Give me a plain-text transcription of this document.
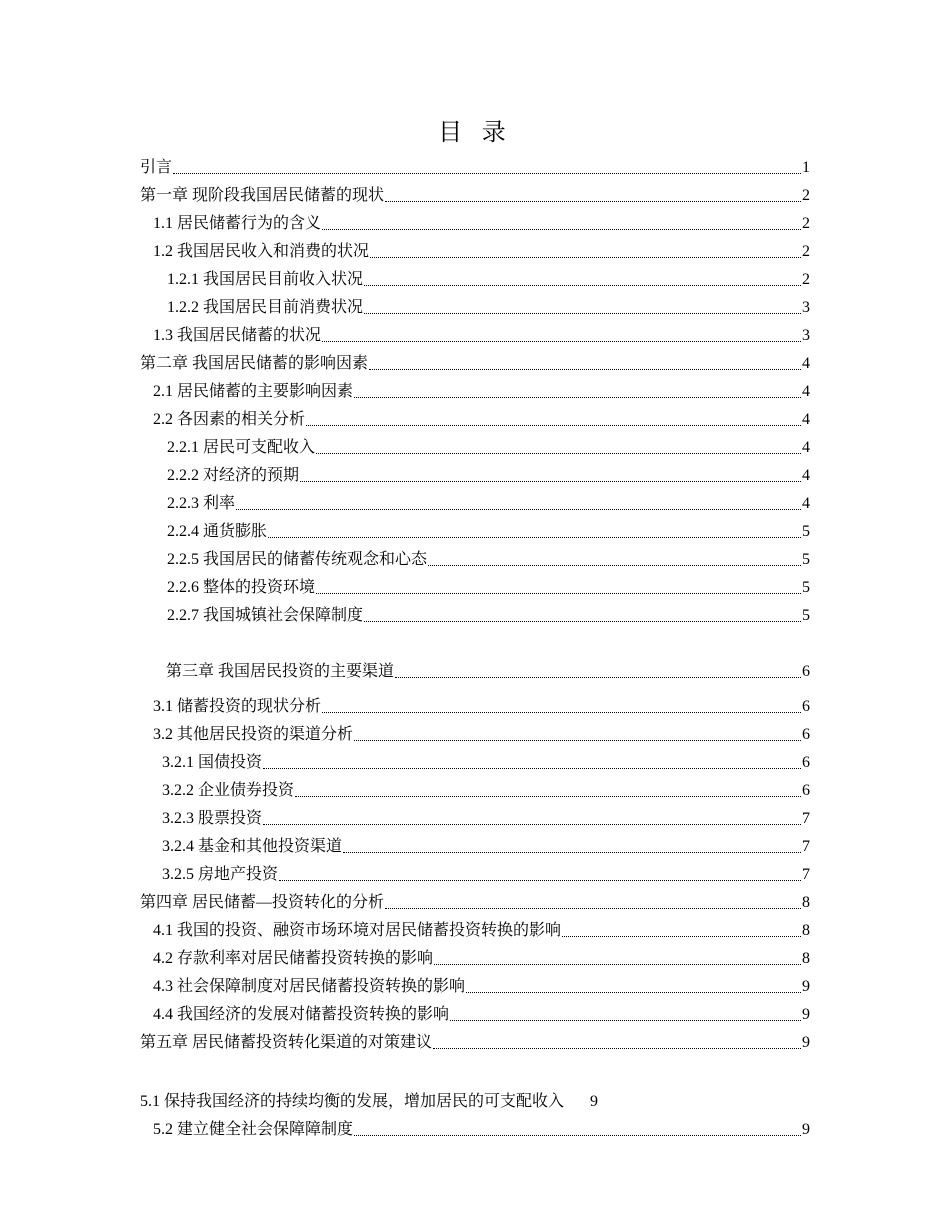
目 录
引言	1
第一章 现阶段我国居民储蓄的现状	2
1.1 居民储蓄行为的含义	2
1.2 我国居民收入和消费的状况	2
1.2.1 我国居民目前收入状况	2
1.2.2 我国居民目前消费状况	3
1.3 我国居民储蓄的状况	3
第二章 我国居民储蓄的影响因素	4
2.1 居民储蓄的主要影响因素	4
2.2 各因素的相关分析	4
2.2.1 居民可支配收入	4
2.2.2 对经济的预期	4
2.2.3 利率	4
2.2.4 通货膨胀	5
2.2.5 我国居民的储蓄传统观念和心态	5
2.2.6 整体的投资环境	5
2.2.7 我国城镇社会保障制度	5
第三章 我国居民投资的主要渠道	6
3.1 储蓄投资的现状分析	6
3.2 其他居民投资的渠道分析	6
3.2.1 国债投资	6
3.2.2 企业债券投资	6
3.2.3 股票投资	7
3.2.4 基金和其他投资渠道	7
3.2.5 房地产投资	7
第四章 居民储蓄—投资转化的分析	8
4.1 我国的投资、融资市场环境对居民储蓄投资转换的影响	8
4.2 存款利率对居民储蓄投资转换的影响	8
4.3 社会保障制度对居民储蓄投资转换的影响	9
4.4 我国经济的发展对储蓄投资转换的影响	9
第五章 居民储蓄投资转化渠道的对策建议	9
5.1 保持我国经济的持续均衡的发展，增加居民的可支配收入 9
5.2 建立健全社会保障障制度	9
